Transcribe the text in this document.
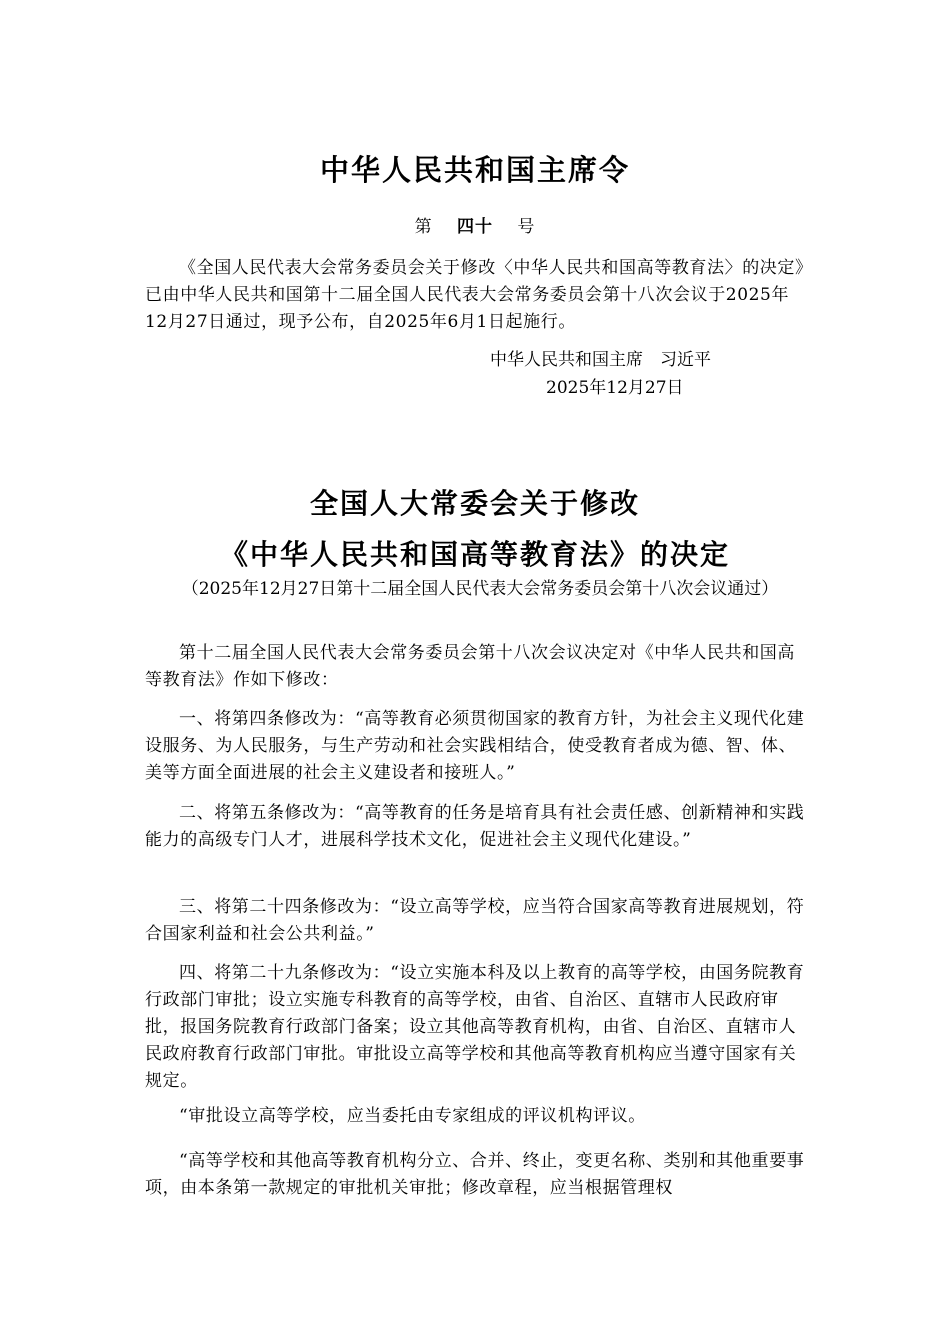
中华人民共和国主席令
第 四十 号
《全国人民代表大会常务委员会关于修改〈中华人民共和国高等教育法〉的决定》已由中华人民共和国第十二届全国人民代表大会常务委员会第十八次会议于2025年12月27日通过，现予公布，自2025年6月1日起施行。
中华人民共和国主席　习近平
2025年12月27日
全国人大常委会关于修改
《中华人民共和国高等教育法》的决定
（2025年12月27日第十二届全国人民代表大会常务委员会第十八次会议通过）
第十二届全国人民代表大会常务委员会第十八次会议决定对《中华人民共和国高等教育法》作如下修改：
一、将第四条修改为：“高等教育必须贯彻国家的教育方针，为社会主义现代化建设服务、为人民服务，与生产劳动和社会实践相结合，使受教育者成为德、智、体、美等方面全面进展的社会主义建设者和接班人。”
二、将第五条修改为：“高等教育的任务是培育具有社会责任感、创新精神和实践能力的高级专门人才，进展科学技术文化，促进社会主义现代化建设。”
三、将第二十四条修改为：“设立高等学校，应当符合国家高等教育进展规划，符合国家利益和社会公共利益。”
四、将第二十九条修改为：“设立实施本科及以上教育的高等学校，由国务院教育行政部门审批；设立实施专科教育的高等学校，由省、自治区、直辖市人民政府审批，报国务院教育行政部门备案；设立其他高等教育机构，由省、自治区、直辖市人民政府教育行政部门审批。审批设立高等学校和其他高等教育机构应当遵守国家有关规定。
“审批设立高等学校，应当委托由专家组成的评议机构评议。
“高等学校和其他高等教育机构分立、合并、终止，变更名称、类别和其他重要事项，由本条第一款规定的审批机关审批；修改章程，应当根据管理权
